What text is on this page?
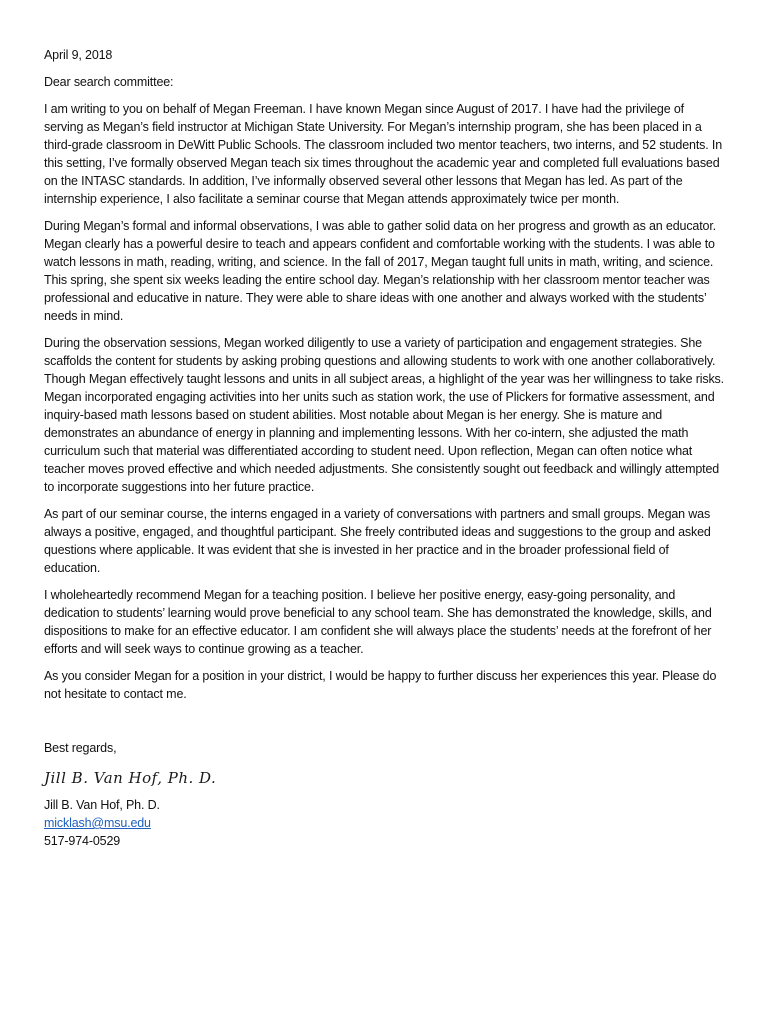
April 9, 2018

Dear search committee:

I am writing to you on behalf of Megan Freeman. I have known Megan since August of 2017. I have had the privilege of serving as Megan’s field instructor at Michigan State University. For Megan’s internship program, she has been placed in a third-grade classroom in DeWitt Public Schools. The classroom included two mentor teachers, two interns, and 52 students. In this setting, I’ve formally observed Megan teach six times throughout the academic year and completed full evaluations based on the INTASC standards. In addition, I’ve informally observed several other lessons that Megan has led. As part of the internship experience, I also facilitate a seminar course that Megan attends approximately twice per month.

During Megan’s formal and informal observations, I was able to gather solid data on her progress and growth as an educator. Megan clearly has a powerful desire to teach and appears confident and comfortable working with the students. I was able to watch lessons in math, reading, writing, and science. In the fall of 2017, Megan taught full units in math, writing, and science. This spring, she spent six weeks leading the entire school day. Megan’s relationship with her classroom mentor teacher was professional and educative in nature. They were able to share ideas with one another and always worked with the students’ needs in mind.

During the observation sessions, Megan worked diligently to use a variety of participation and engagement strategies. She scaffolds the content for students by asking probing questions and allowing students to work with one another collaboratively. Though Megan effectively taught lessons and units in all subject areas, a highlight of the year was her willingness to take risks. Megan incorporated engaging activities into her units such as station work, the use of Plickers for formative assessment, and inquiry-based math lessons based on student abilities. Most notable about Megan is her energy. She is mature and demonstrates an abundance of energy in planning and implementing lessons. With her co-intern, she adjusted the math curriculum such that material was differentiated according to student need. Upon reflection, Megan can often notice what teacher moves proved effective and which needed adjustments. She consistently sought out feedback and willingly attempted to incorporate suggestions into her future practice.

As part of our seminar course, the interns engaged in a variety of conversations with partners and small groups. Megan was always a positive, engaged, and thoughtful participant. She freely contributed ideas and suggestions to the group and asked questions where applicable. It was evident that she is invested in her practice and in the broader professional field of education.

I wholeheartedly recommend Megan for a teaching position. I believe her positive energy, easy-going personality, and dedication to students’ learning would prove beneficial to any school team. She has demonstrated the knowledge, skills, and dispositions to make for an effective educator. I am confident she will always place the students’ needs at the forefront of her efforts and will seek ways to continue growing as a teacher.

As you consider Megan for a position in your district, I would be happy to further discuss her experiences this year. Please do not hesitate to contact me.

Best regards,

Jill B. Van Hof, Ph. D.
Jill B. Van Hof, Ph. D.
micklash@msu.edu
517-974-0529
